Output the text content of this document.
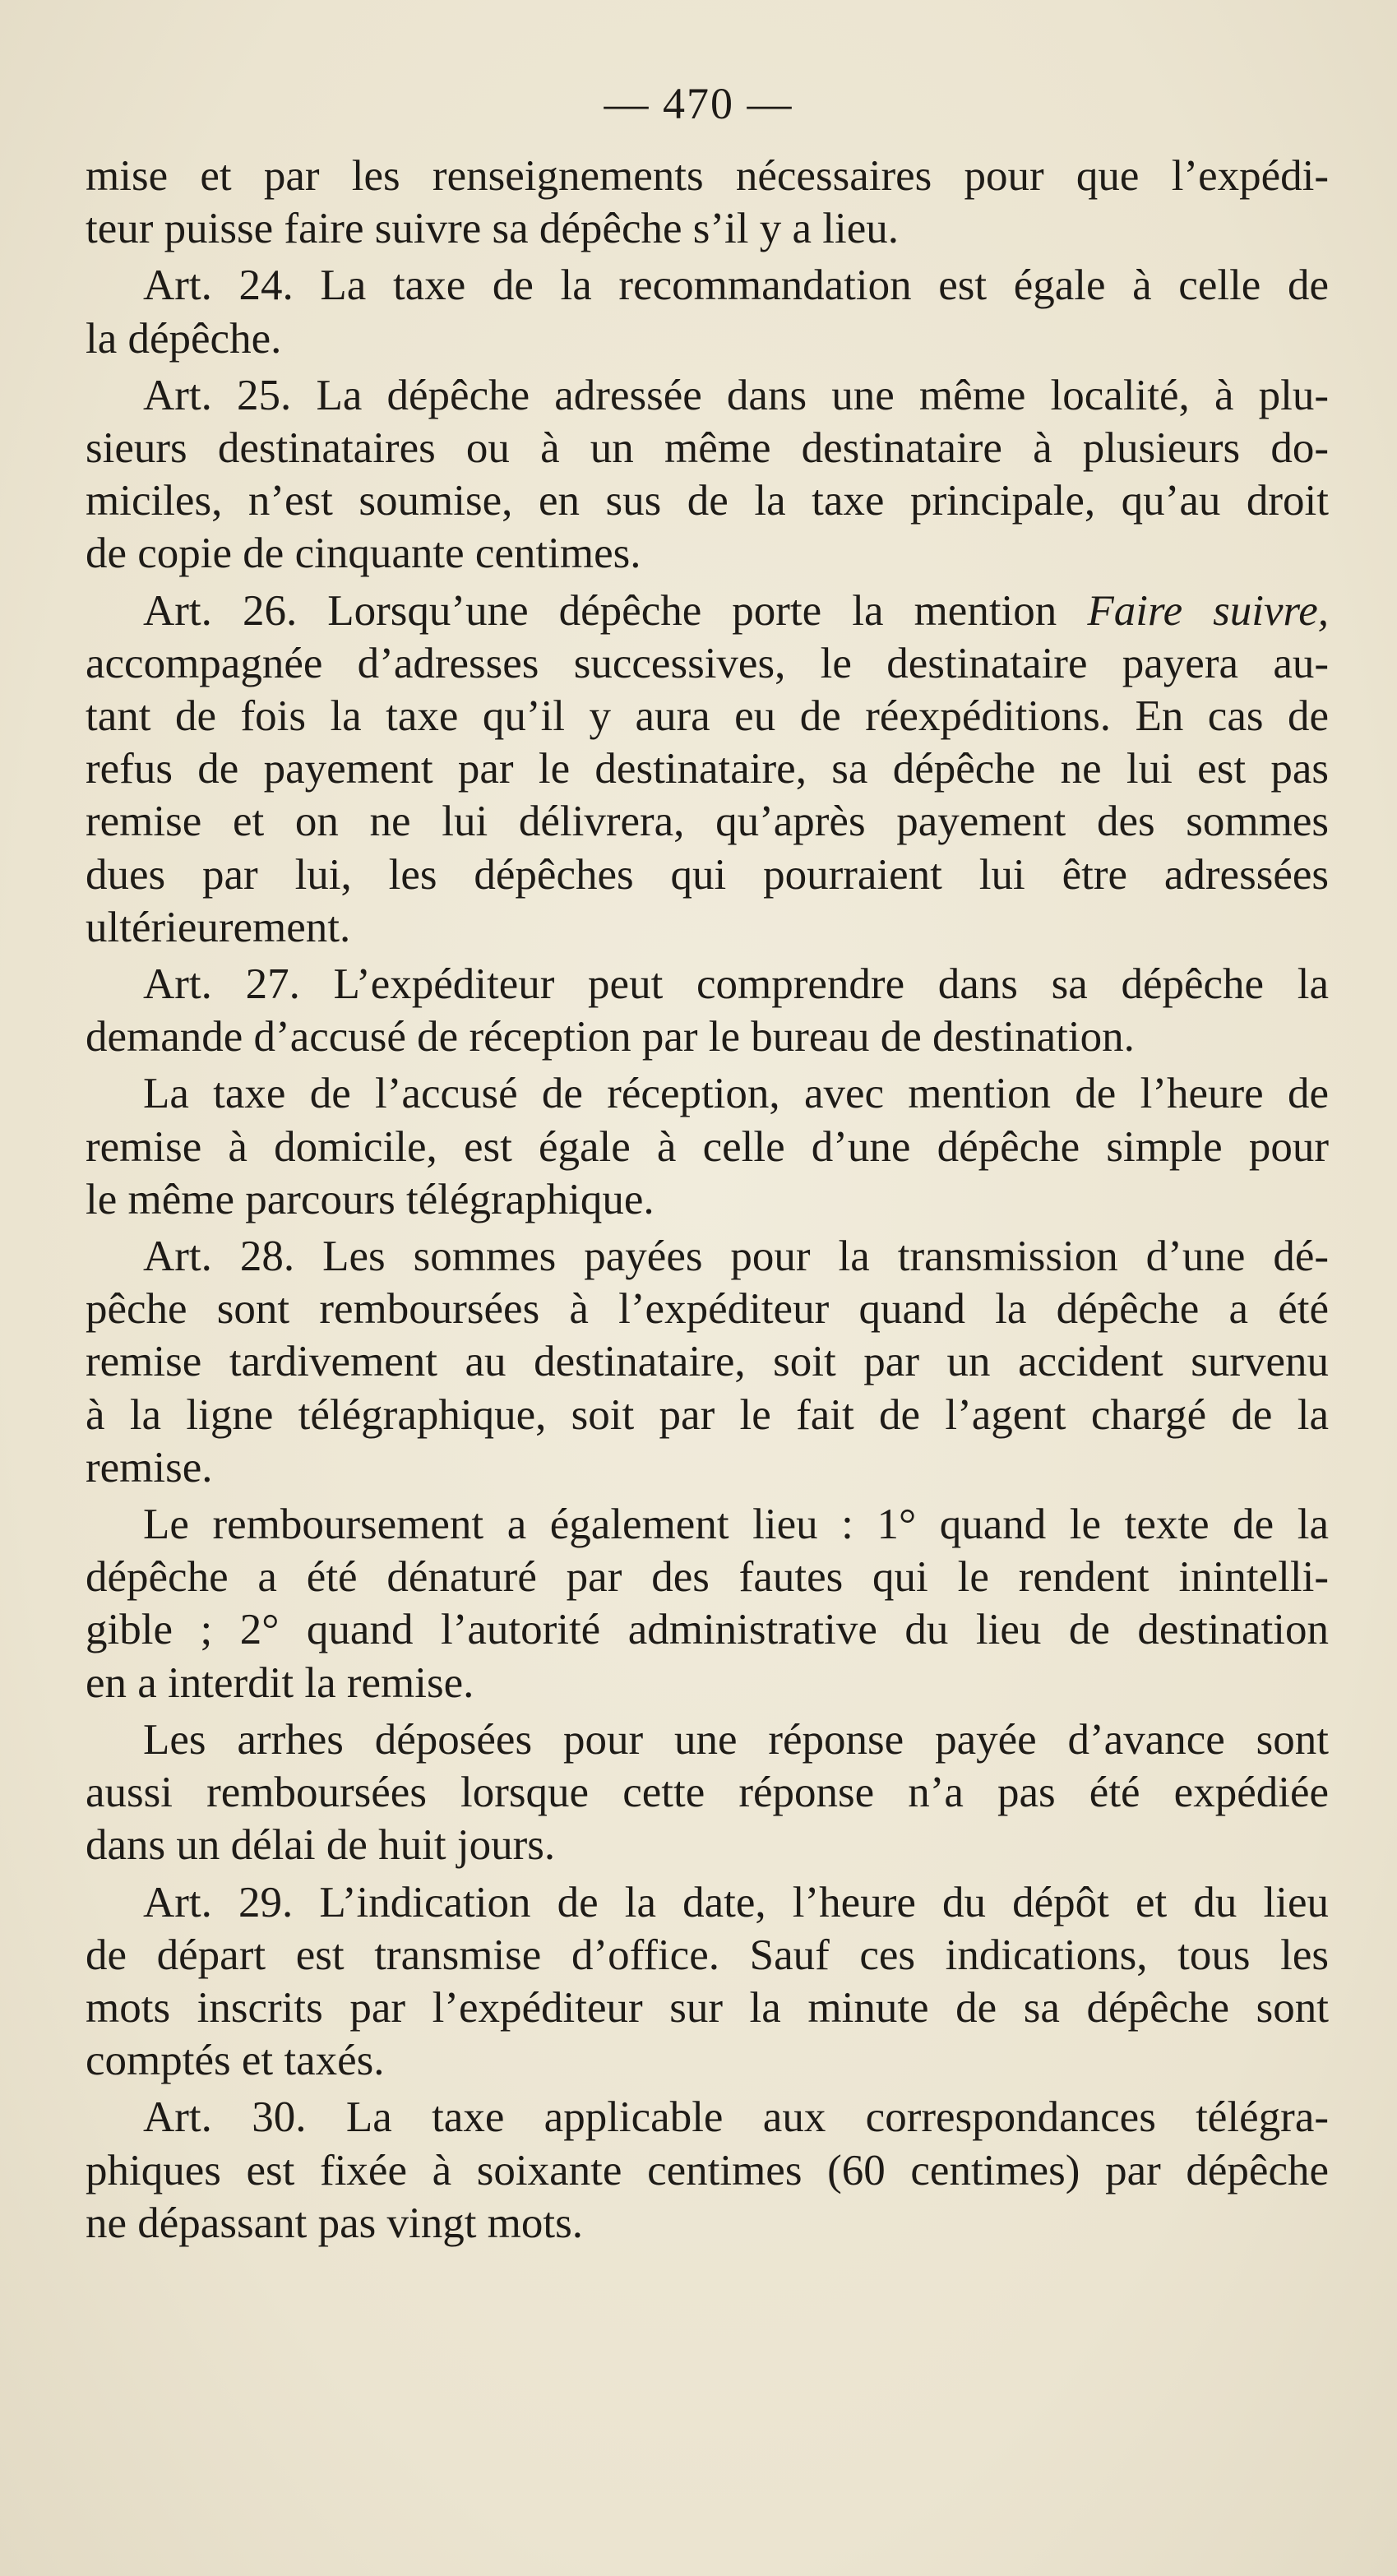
— 470 —

mise et par les renseignements nécessaires pour que l’expédi-
teur puisse faire suivre sa dépêche s’il y a lieu.

Art. 24. La taxe de la recommandation est égale à celle de
la dépêche.

Art. 25. La dépêche adressée dans une même localité, à plu-
sieurs destinataires ou à un même destinataire à plusieurs do-
miciles, n’est soumise, en sus de la taxe principale, qu’au droit
de copie de cinquante centimes.

Art. 26. Lorsqu’une dépêche porte la mention Faire suivre,
accompagnée d’adresses successives, le destinataire payera au-
tant de fois la taxe qu’il y aura eu de réexpéditions. En cas de
refus de payement par le destinataire, sa dépêche ne lui est pas
remise et on ne lui délivrera, qu’après payement des sommes
dues par lui, les dépêches qui pourraient lui être adressées
ultérieurement.

Art. 27. L’expéditeur peut comprendre dans sa dépêche la
demande d’accusé de réception par le bureau de destination.

La taxe de l’accusé de réception, avec mention de l’heure de
remise à domicile, est égale à celle d’une dépêche simple pour
le même parcours télégraphique.

Art. 28. Les sommes payées pour la transmission d’une dé-
pêche sont remboursées à l’expéditeur quand la dépêche a été
remise tardivement au destinataire, soit par un accident survenu
à la ligne télégraphique, soit par le fait de l’agent chargé de la
remise.

Le remboursement a également lieu : 1° quand le texte de la
dépêche a été dénaturé par des fautes qui le rendent inintelli-
gible ; 2° quand l’autorité administrative du lieu de destination
en a interdit la remise.

Les arrhes déposées pour une réponse payée d’avance sont
aussi remboursées lorsque cette réponse n’a pas été expédiée
dans un délai de huit jours.

Art. 29. L’indication de la date, l’heure du dépôt et du lieu
de départ est transmise d’office. Sauf ces indications, tous les
mots inscrits par l’expéditeur sur la minute de sa dépêche sont
comptés et taxés.

Art. 30. La taxe applicable aux correspondances télégra-
phiques est fixée à soixante centimes (60 centimes) par dépêche
ne dépassant pas vingt mots.
